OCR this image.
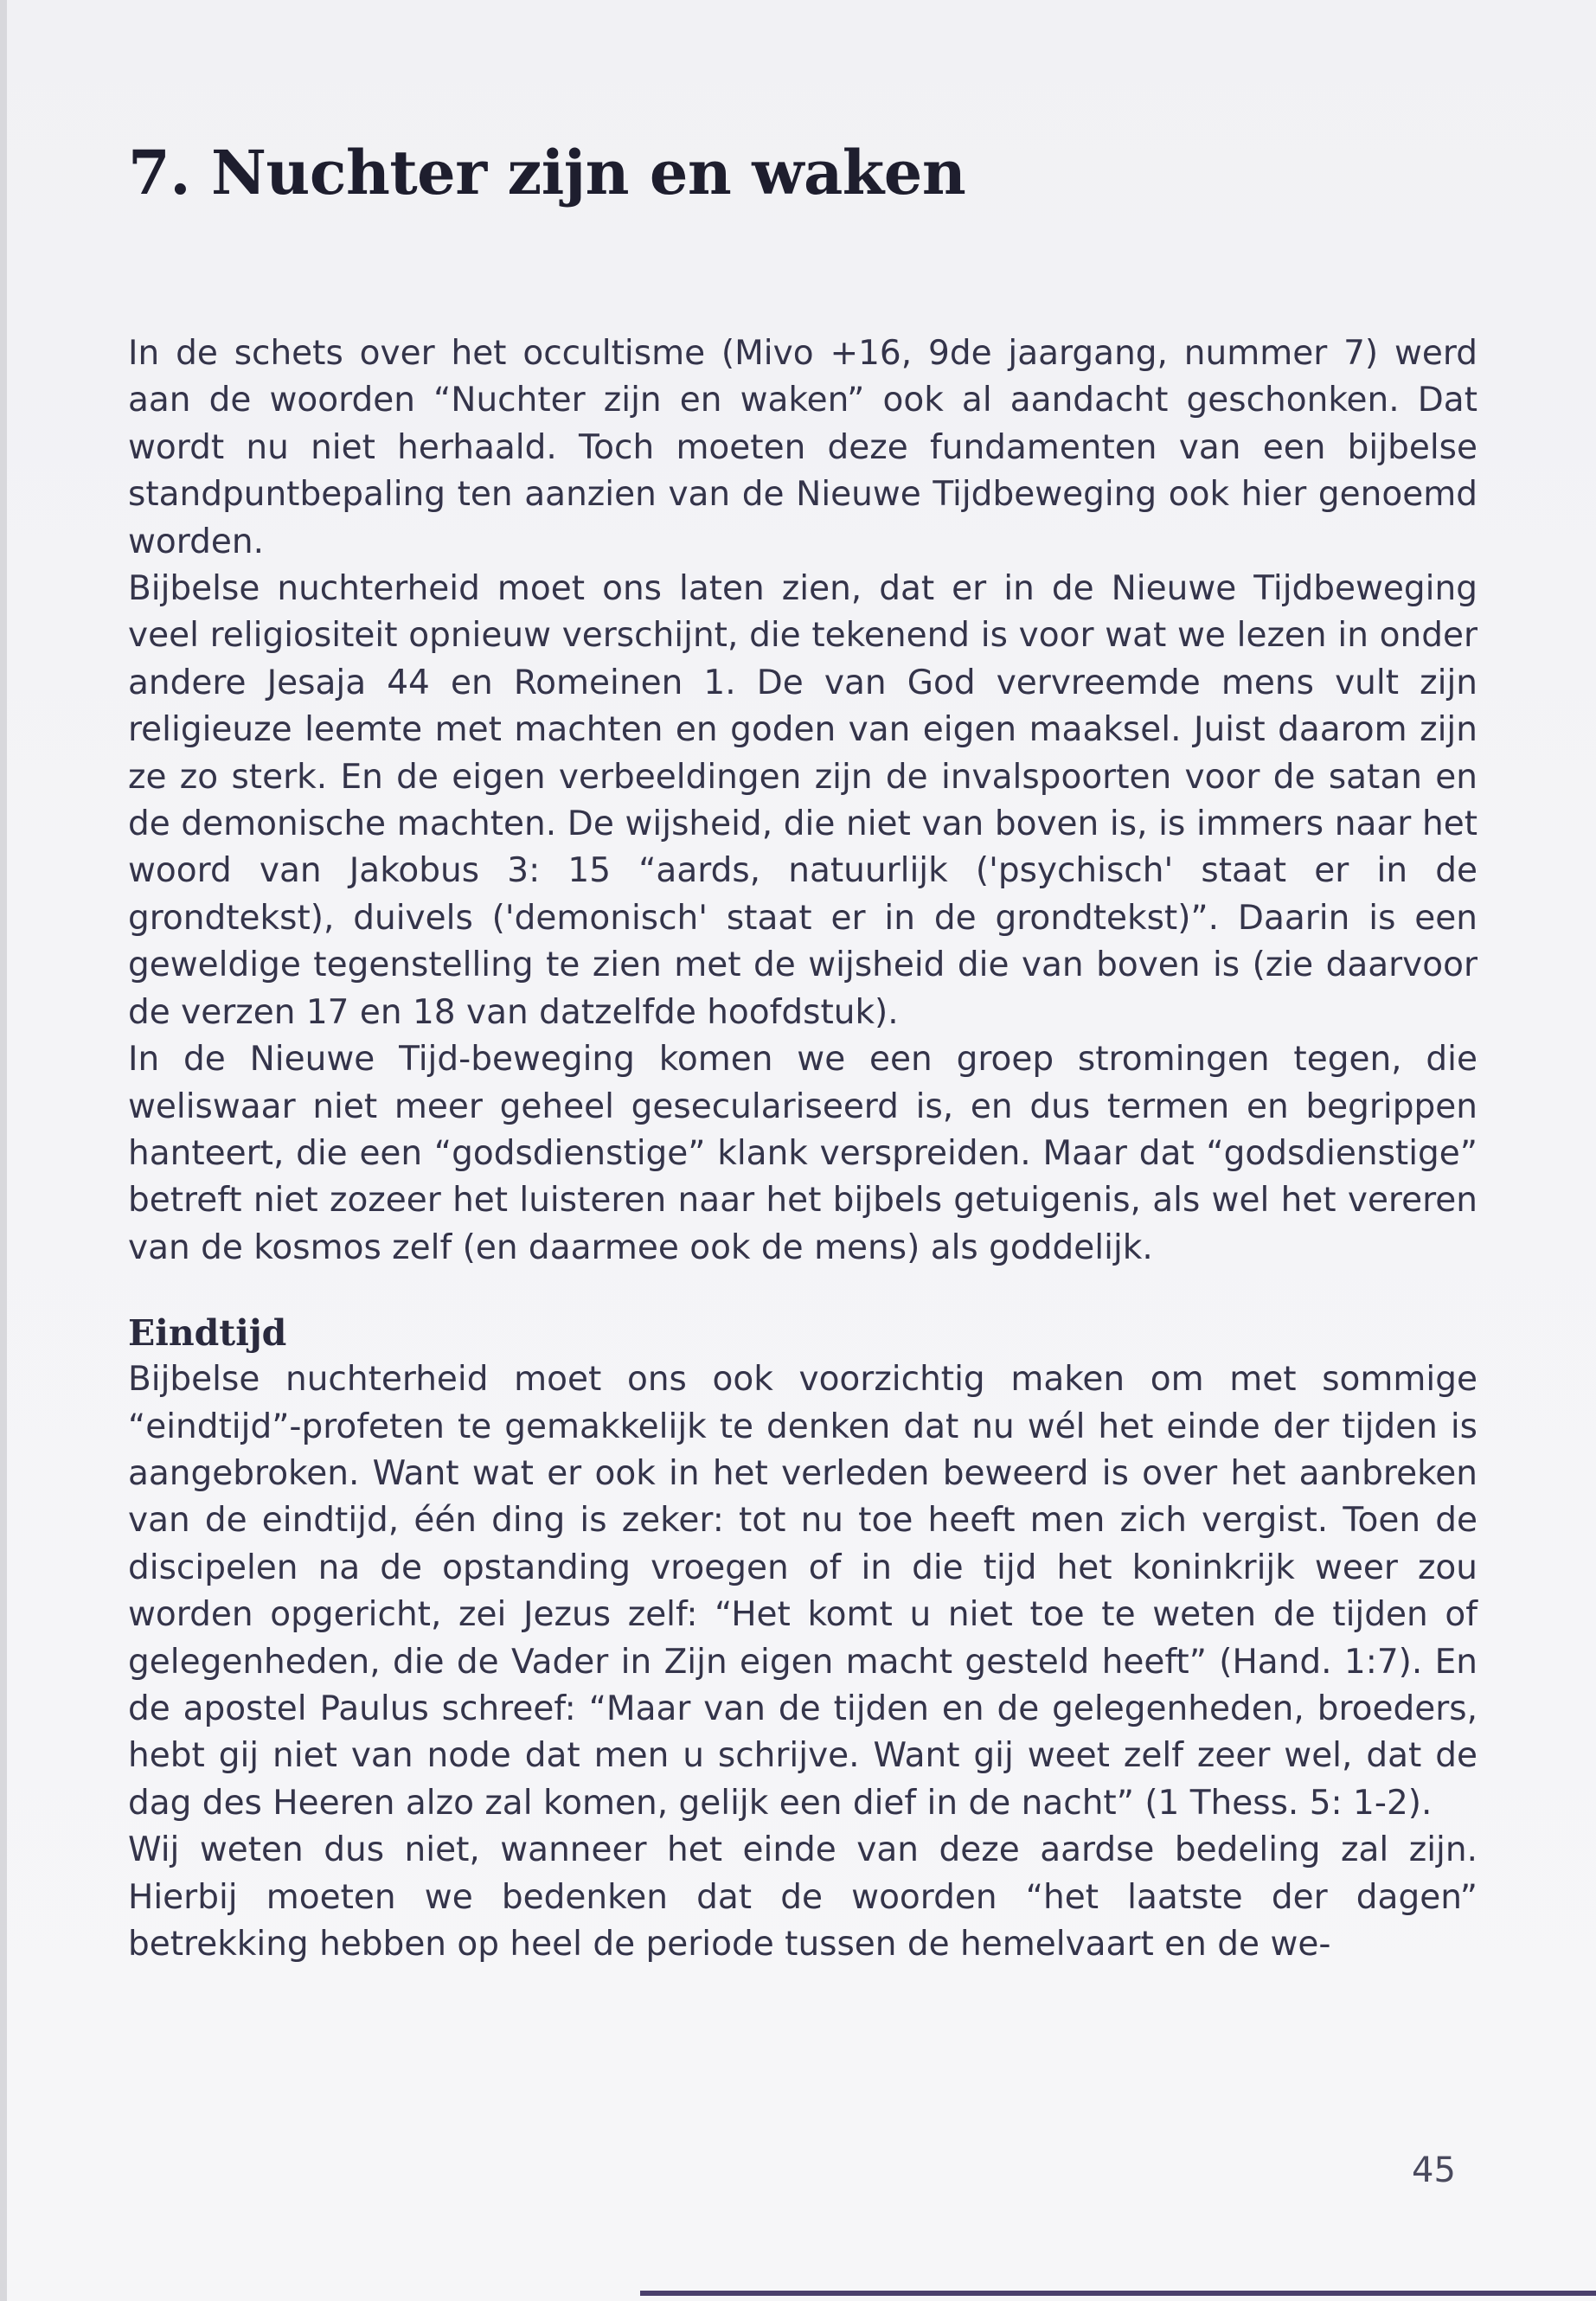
7. Nuchter zijn en waken

In de schets over het occultisme (Mivo +16, 9de jaargang, nummer 7) werd aan de woorden “Nuchter zijn en waken” ook al aandacht geschonken. Dat wordt nu niet herhaald. Toch moeten deze fundamenten van een bijbelse standpuntbepaling ten aanzien van de Nieuwe Tijdbeweging ook hier genoemd worden.

Bijbelse nuchterheid moet ons laten zien, dat er in de Nieuwe Tijdbeweging veel religiositeit opnieuw verschijnt, die tekenend is voor wat we lezen in onder andere Jesaja 44 en Romeinen 1. De van God vervreemde mens vult zijn religieuze leemte met machten en goden van eigen maaksel. Juist daarom zijn ze zo sterk. En de eigen verbeeldingen zijn de invalspoorten voor de satan en de demonische machten. De wijsheid, die niet van boven is, is immers naar het woord van Jakobus 3: 15 “aards, natuurlijk ('psychisch' staat er in de grondtekst), duivels ('demonisch' staat er in de grondtekst)”. Daarin is een geweldige tegenstelling te zien met de wijsheid die van boven is (zie daarvoor de verzen 17 en 18 van datzelfde hoofdstuk).

In de Nieuwe Tijd-beweging komen we een groep stromingen tegen, die weliswaar niet meer geheel geseculariseerd is, en dus termen en begrippen hanteert, die een “godsdienstige” klank verspreiden. Maar dat “godsdienstige” betreft niet zozeer het luisteren naar het bijbels getuigenis, als wel het vereren van de kosmos zelf (en daarmee ook de mens) als goddelijk.

Eindtijd

Bijbelse nuchterheid moet ons ook voorzichtig maken om met sommige “eindtijd”-profeten te gemakkelijk te denken dat nu wél het einde der tijden is aangebroken. Want wat er ook in het verleden beweerd is over het aanbreken van de eindtijd, één ding is zeker: tot nu toe heeft men zich vergist. Toen de discipelen na de opstanding vroegen of in die tijd het koninkrijk weer zou worden opgericht, zei Jezus zelf: “Het komt u niet toe te weten de tijden of gelegenheden, die de Vader in Zijn eigen macht gesteld heeft” (Hand. 1:7). En de apostel Paulus schreef: “Maar van de tijden en de gelegenheden, broeders, hebt gij niet van node dat men u schrijve. Want gij weet zelf zeer wel, dat de dag des Heeren alzo zal komen, gelijk een dief in de nacht” (1 Thess. 5: 1-2).

Wij weten dus niet, wanneer het einde van deze aardse bedeling zal zijn. Hierbij moeten we bedenken dat de woorden “het laatste der dagen” betrekking hebben op heel de periode tussen de hemelvaart en de we-

45
